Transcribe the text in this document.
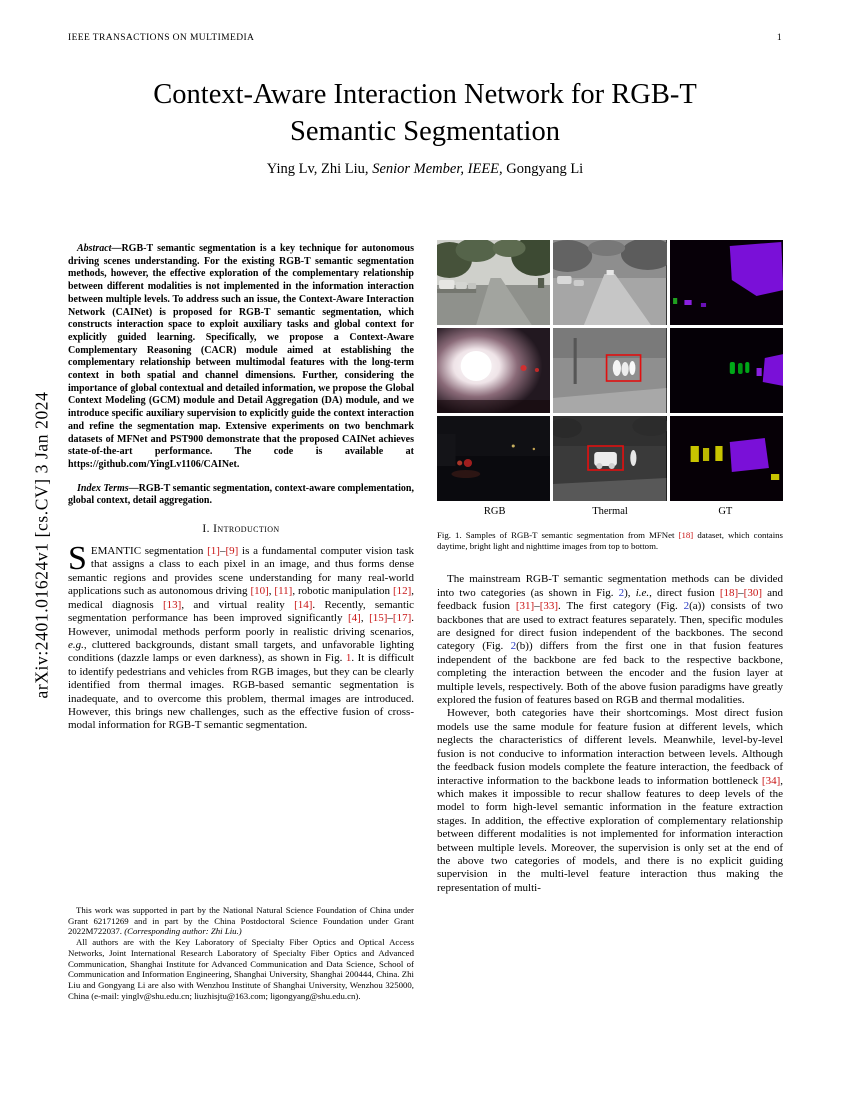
IEEE TRANSACTIONS ON MULTIMEDIA	1
Context-Aware Interaction Network for RGB-T
Semantic Segmentation
Ying Lv, Zhi Liu, Senior Member, IEEE, Gongyang Li
arXiv:2401.01624v1 [cs.CV] 3 Jan 2024

Abstract—RGB-T semantic segmentation is a key technique for autonomous driving scenes understanding. For the existing RGB-T semantic segmentation methods, however, the effective exploration of the complementary relationship between different modalities is not implemented in the information interaction between multiple levels. To address such an issue, the Context-Aware Interaction Network (CAINet) is proposed for RGB-T semantic segmentation, which constructs interaction space to exploit auxiliary tasks and global context for explicitly guided learning. Specifically, we propose a Context-Aware Complementary Reasoning (CACR) module aimed at establishing the complementary relationship between multimodal features with the long-term context in both spatial and channel dimensions. Further, considering the importance of global contextual and detailed information, we propose the Global Context Modeling (GCM) module and Detail Aggregation (DA) module, and we introduce specific auxiliary supervision to explicitly guide the context interaction and refine the segmentation map. Extensive experiments on two benchmark datasets of MFNet and PST900 demonstrate that the proposed CAINet achieves state-of-the-art performance. The code is available at https://github.com/YingLv1106/CAINet.

Index Terms—RGB-T semantic segmentation, context-aware complementation, global context, detail aggregation.

I. Introduction

SEMANTIC segmentation [1]–[9] is a fundamental computer vision task that assigns a class to each pixel in an image, and thus forms dense semantic regions and provides scene understanding for many real-world applications such as autonomous driving [10], [11], robotic manipulation [12], medical diagnosis [13], and virtual reality [14]. Recently, semantic segmentation performance has been improved significantly [4], [15]–[17]. However, unimodal methods perform poorly in realistic driving scenarios, e.g., cluttered backgrounds, distant small targets, and unfavorable lighting conditions (dazzle lamps or even darkness), as shown in Fig. 1. It is difficult to identify pedestrians and vehicles from RGB images, but they can be clearly identified from thermal images. RGB-based semantic segmentation is inadequate, and to overcome this problem, thermal images are introduced. However, this brings new challenges, such as the effective fusion of cross-modal information for RGB-T semantic segmentation.

This work was supported in part by the National Natural Science Foundation of China under Grant 62171269 and in part by the China Postdoctoral Science Foundation under Grant 2022M722037. (Corresponding author: Zhi Liu.)

All authors are with the Key Laboratory of Specialty Fiber Optics and Optical Access Networks, Joint International Research Laboratory of Specialty Fiber Optics and Advanced Communication, Shanghai Institute for Advanced Communication and Data Science, School of Communication and Information Engineering, Shanghai University, Shanghai 200444, China. Zhi Liu and Gongyang Li are also with Wenzhou Institute of Shanghai University, Wenzhou 325000, China (e-mail: yinglv@shu.edu.cn; liuzhisjtu@163.com; ligongyang@shu.edu.cn).

RGB	Thermal	GT

Fig. 1. Samples of RGB-T semantic segmentation from MFNet [18] dataset, which contains daytime, bright light and nighttime images from top to bottom.

The mainstream RGB-T semantic segmentation methods can be divided into two categories (as shown in Fig. 2), i.e., direct fusion [18]–[30] and feedback fusion [31]–[33]. The first category (Fig. 2(a)) consists of two backbones that are used to extract features separately. Then, specific modules are designed for direct fusion independent of the backbones. The second category (Fig. 2(b)) differs from the first one in that fusion features independent of the backbone are fed back to the respective backbone, completing the interaction between the encoder and the fusion layer at multiple levels, respectively. Both of the above fusion paradigms have greatly explored the fusion of features based on RGB and thermal modalities.

However, both categories have their shortcomings. Most direct fusion models use the same module for feature fusion at different levels, which neglects the characteristics of different levels. Meanwhile, level-by-level fusion is not conducive to information interaction between levels. Although the feedback fusion models complete the feature interaction, the feedback of interactive information to the backbone leads to information bottleneck [34], which makes it impossible to recur shallow features to deep levels of the model to form high-level semantic information in the feature extraction stages. In addition, the effective exploration of complementary relationship between different modalities is not implemented for information interaction between multiple levels. Moreover, the supervision is only set at the end of the above two categories of models, and there is no explicit guiding supervision in the multi-level feature interaction thus making the representation of multi-
